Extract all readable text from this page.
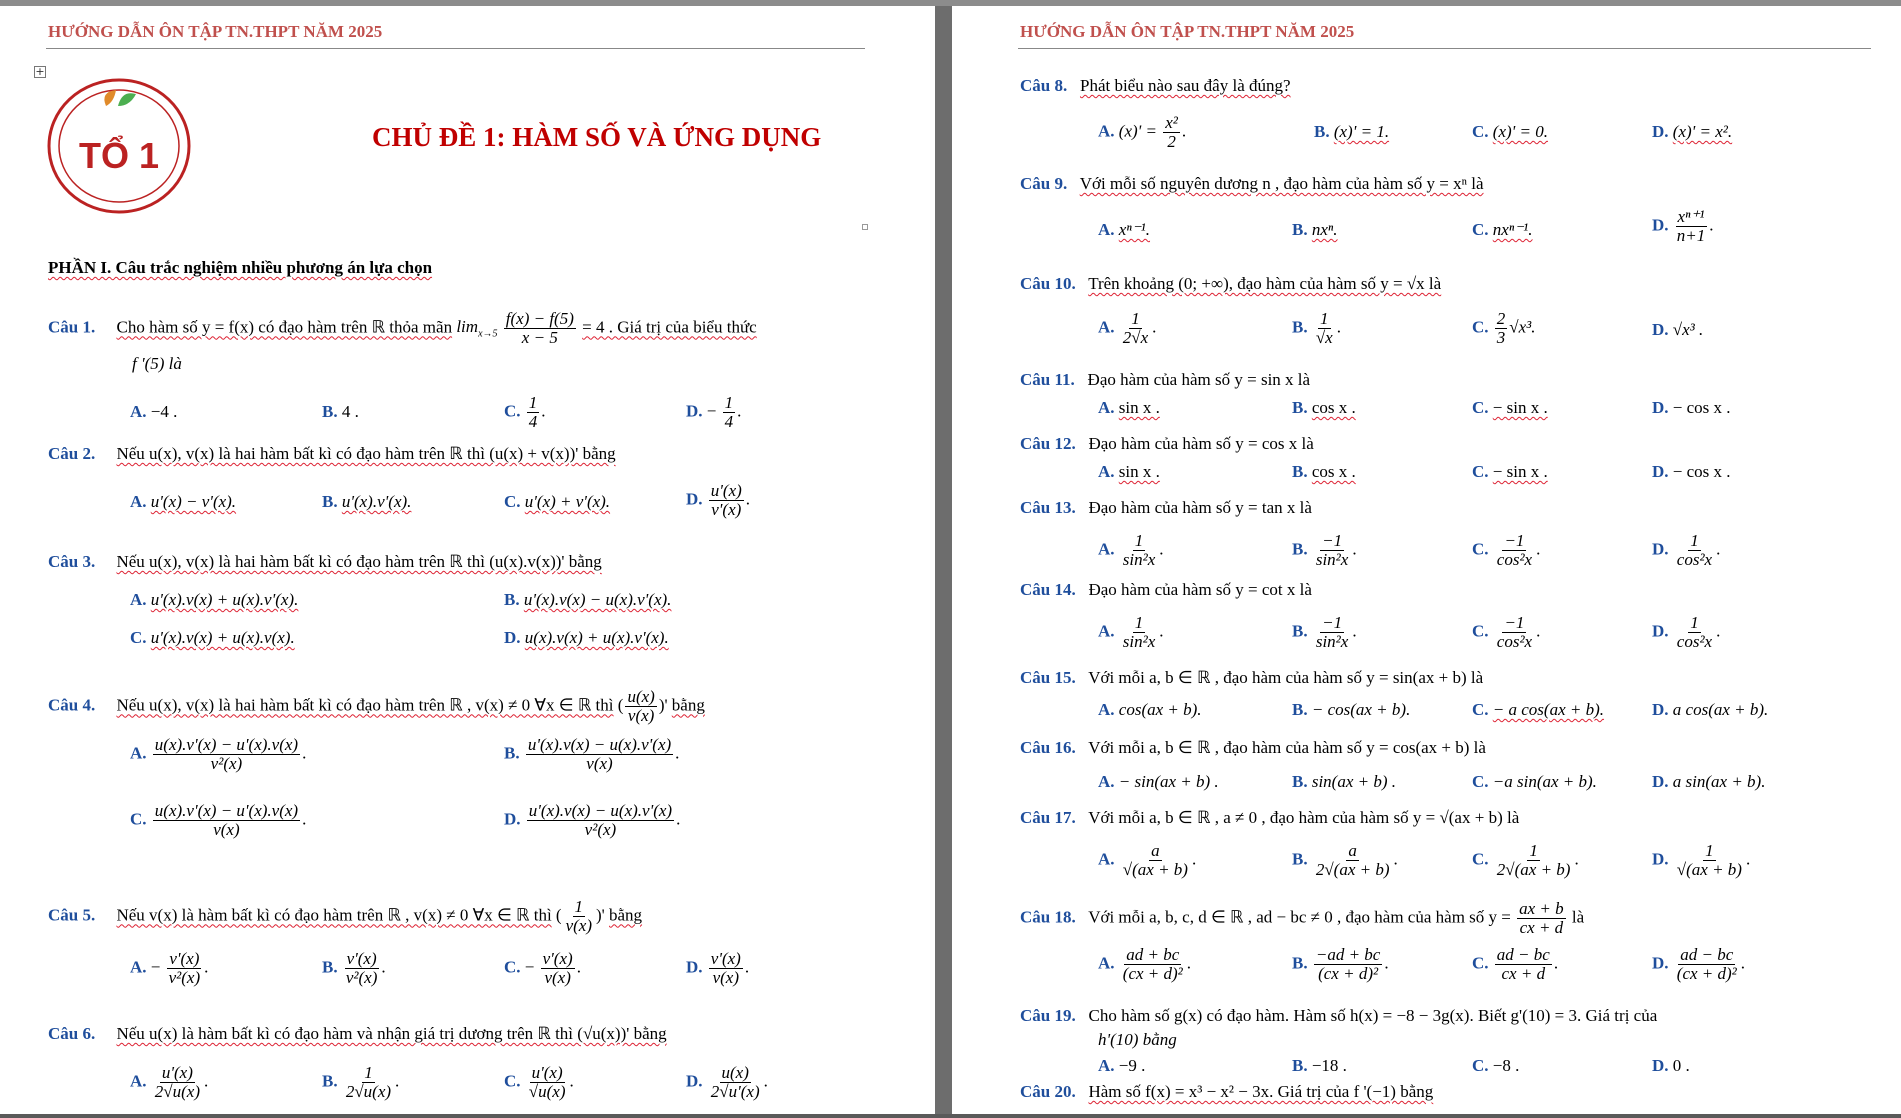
HƯỚNG DẪN ÔN TẬP TN.THPT NĂM 2025
+
TỔ 1	CHỦ ĐỀ 1: HÀM SỐ VÀ ỨNG DỤNG
PHẦN I. Câu trắc nghiệm nhiều phương án lựa chọn
Câu 1. Cho hàm số y = f(x) có đạo hàm trên ℝ thỏa mãn $\lim_{x\to 5} \frac{f(x) - f(5)}{x - 5} = 4$ . Giá trị của biểu thức
f '(5) là
A. −4 .	B. 4 .	C. $\frac{1}{4}$ .	D. − $\frac{1}{4}$ .
Câu 2. Nếu u(x), v(x) là hai hàm bất kì có đạo hàm trên ℝ thì (u(x) + v(x))' bằng
A. u'(x) − v'(x).	B. u'(x).v'(x).	C. u'(x) + v'(x).	D. $\frac{u'(x)}{v'(x)}$ .
Câu 3. Nếu u(x), v(x) là hai hàm bất kì có đạo hàm trên ℝ thì (u(x).v(x))' bằng
A. u'(x).v(x) + u(x).v'(x).	B. u'(x).v(x) − u(x).v'(x).
C. u'(x).v(x) + u(x).v(x).	D. u(x).v(x) + u(x).v'(x).
Câu 4. Nếu u(x), v(x) là hai hàm bất kì có đạo hàm trên ℝ , v(x) ≠ 0 ∀x ∈ ℝ thì ( $\frac{u(x)}{v(x)}$ )' bằng
A. $\frac{u(x).v'(x) - u'(x).v(x)}{\text{v²(x)}}$ .	B. $\frac{u'(x).v(x) - u(x).v'(x)}{v(x)}$ .
C. $\frac{u(x).v'(x) - u'(x).v(x)}{v(x)}$ .	D. $\frac{u'(x).v(x) - u(x).v'(x)}{\text{v²(x)}}$ .
Câu 5. Nếu v(x) là hàm bất kì có đạo hàm trên ℝ , v(x) ≠ 0 ∀x ∈ ℝ thì ( $\frac{1}{v(x)}$ )' bằng
A. − $\frac{v'(x)}{\text{v²(x)}}$ .	B. $\frac{v'(x)}{\text{v²(x)}}$ .	C. − $\frac{v'(x)}{v(x)}$ .	D. $\frac{v'(x)}{v(x)}$ .
Câu 6. Nếu u(x) là hàm bất kì có đạo hàm và nhận giá trị dương trên ℝ thì (√u(x))' bằng
A. $\frac{u'(x)}{2√u(x)}$ .	B. $\frac{1}{2√u(x)}$ .	C. $\frac{u'(x)}{√u(x)}$ .	D. $\frac{u(x)}{2√u'(x)}$ .
HƯỚNG DẪN ÔN TẬP TN.THPT NĂM 2025
Câu 8. Phát biểu nào sau đây là đúng?
A. $(x)' = \frac{\text{x²}}{2}$ .	B. (x)' = 1.	C. (x)' = 0.	D. (x)' = x².
Câu 9. Với mỗi số nguyên dương n , đạo hàm của hàm số y = xⁿ là
A. xⁿ⁻¹.	B. nxⁿ.	C. nxⁿ⁻¹.	D. $\frac{\text{xⁿ⁺¹}}{n+1}$ .
Câu 10. Trên khoảng (0; +∞), đạo hàm của hàm số y = √x là
A. $\frac{1}{2√x}$ .	B. $\frac{1}{√x}$ .	C. $\frac{2}{3} √x^3$.	D. √x³ .
Câu 11. Đạo hàm của hàm số y = sin x là
A. sin x .	B. cos x .	C. − sin x .	D. − cos x .
Câu 12. Đạo hàm của hàm số y = cos x là
A. sin x .	B. cos x .	C. − sin x .	D. − cos x .
Câu 13. Đạo hàm của hàm số y = tan x là
A. $\frac{1}{\text{sin²x}}$ .	B. $\frac{-1}{\text{sin²x}}$ .	C. $\frac{-1}{\text{cos²x}}$ .	D. $\frac{1}{\text{cos²x}}$ .
Câu 14. Đạo hàm của hàm số y = cot x là
A. $\frac{1}{\text{sin²x}}$ .	B. $\frac{-1}{\text{sin²x}}$ .	C. $\frac{-1}{\text{cos²x}}$ .	D. $\frac{1}{\text{cos²x}}$ .
Câu 15. Với mỗi a, b ∈ ℝ , đạo hàm của hàm số y = sin(ax + b) là
A. cos(ax + b).	B. − cos(ax + b).	C. − a cos(ax + b).	D. a cos(ax + b).
Câu 16. Với mỗi a, b ∈ ℝ , đạo hàm của hàm số y = cos(ax + b) là
A. − sin(ax + b) .	B. sin(ax + b) .	C. −a sin(ax + b).	D. a sin(ax + b).
Câu 17. Với mỗi a, b ∈ ℝ , a ≠ 0 , đạo hàm của hàm số y = √(ax + b) là
A. $\frac{a}{√(ax + b)}$ .	B. $\frac{a}{2√(ax + b)}$ .	C. $\frac{1}{2√(ax + b)}$ .	D. $\frac{1}{√(ax + b)}$ .
Câu 18. Với mỗi a, b, c, d ∈ ℝ , ad − bc ≠ 0 , đạo hàm của hàm số $y = \frac{ax + b}{cx + d}$ là
A. $\frac{ad + bc}{\text{(cx + d)²}}$ .	B. $\frac{-ad + bc}{\text{(cx + d)²}}$ .	C. $\frac{ad - bc}{cx + d}$ .	D. $\frac{ad - bc}{\text{(cx + d)²}}$ .
Câu 19. Cho hàm số g(x) có đạo hàm. Hàm số h(x) = −8 − 3g(x). Biết g'(10) = 3. Giá trị của
h'(10) bằng
A. −9 .	B. −18 .	C. −8 .	D. 0 .
Câu 20. Hàm số f(x) = x³ − x² − 3x. Giá trị của f '(−1) bằng
